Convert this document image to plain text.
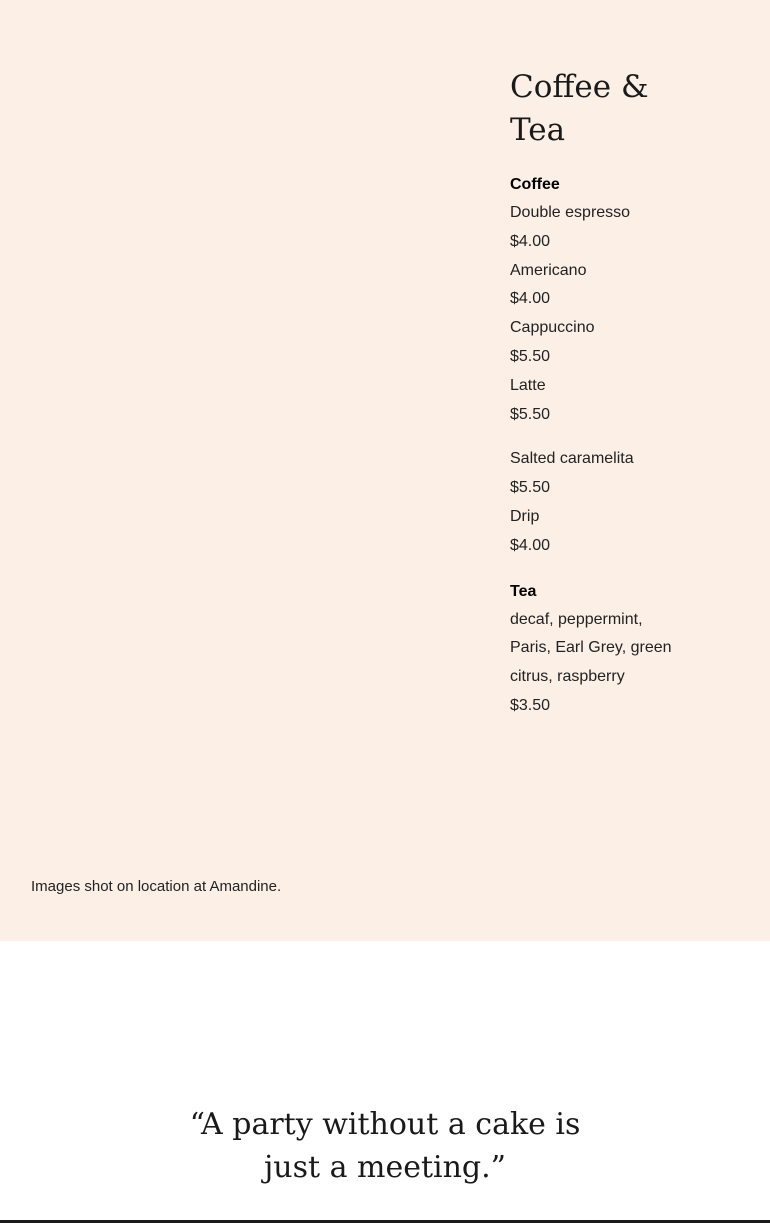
Coffee & Tea

Coffee

Double espresso

$4.00

Americano

$4.00

Cappuccino

$5.50

Latte

$5.50

Salted caramelita

$5.50

Drip

$4.00

Tea

decaf, peppermint, Paris, Earl Grey, green citrus, raspberry

$3.50

Images shot on location at Amandine.

“A party without a cake is just a meeting.”
